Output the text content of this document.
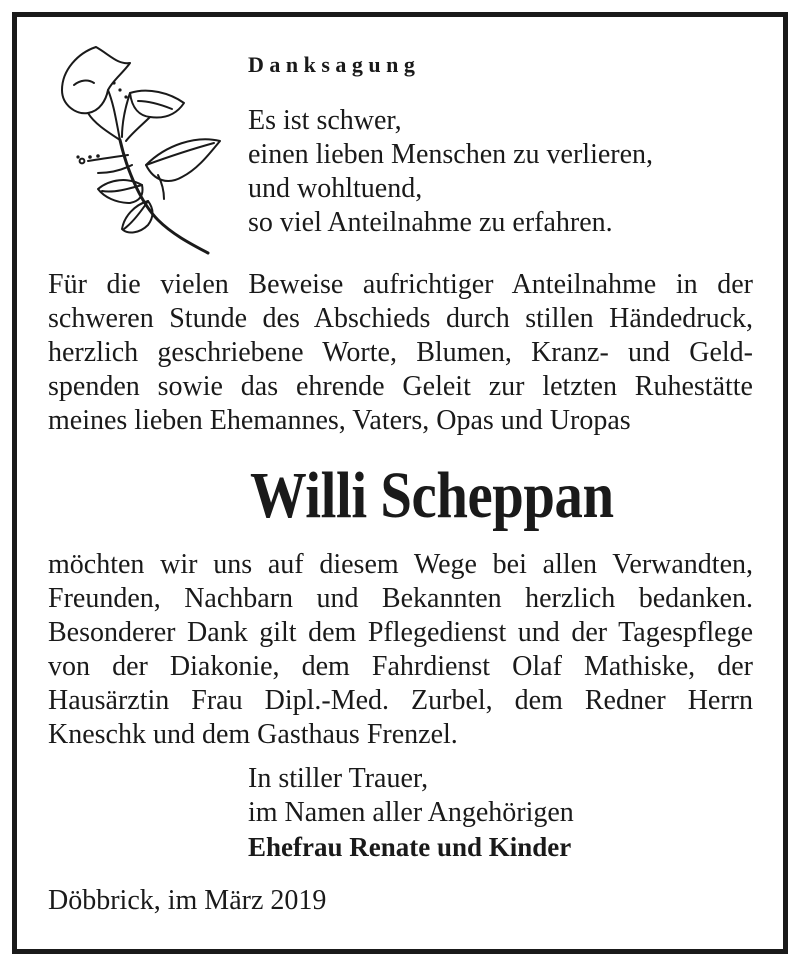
Danksagung
Es ist schwer,
einen lieben Menschen zu verlieren,
und wohltuend,
so viel Anteilnahme zu erfahren.
Für die vielen Beweise aufrichtiger Anteilnahme in der
schweren Stunde des Abschieds durch stillen Händedruck,
herzlich geschriebene Worte, Blumen, Kranz- und Geld-
spenden sowie das ehrende Geleit zur letzten Ruhestätte
meines lieben Ehemannes, Vaters, Opas und Uropas
Willi Scheppan
möchten wir uns auf diesem Wege bei allen Verwandten,
Freunden, Nachbarn und Bekannten herzlich bedanken.
Besonderer Dank gilt dem Pflegedienst und der Tagespflege
von der Diakonie, dem Fahrdienst Olaf Mathiske, der
Hausärztin Frau Dipl.-Med. Zurbel, dem Redner Herrn
Kneschk und dem Gasthaus Frenzel.
In stiller Trauer,
im Namen aller Angehörigen
Ehefrau Renate und Kinder
Döbbrick, im März 2019
